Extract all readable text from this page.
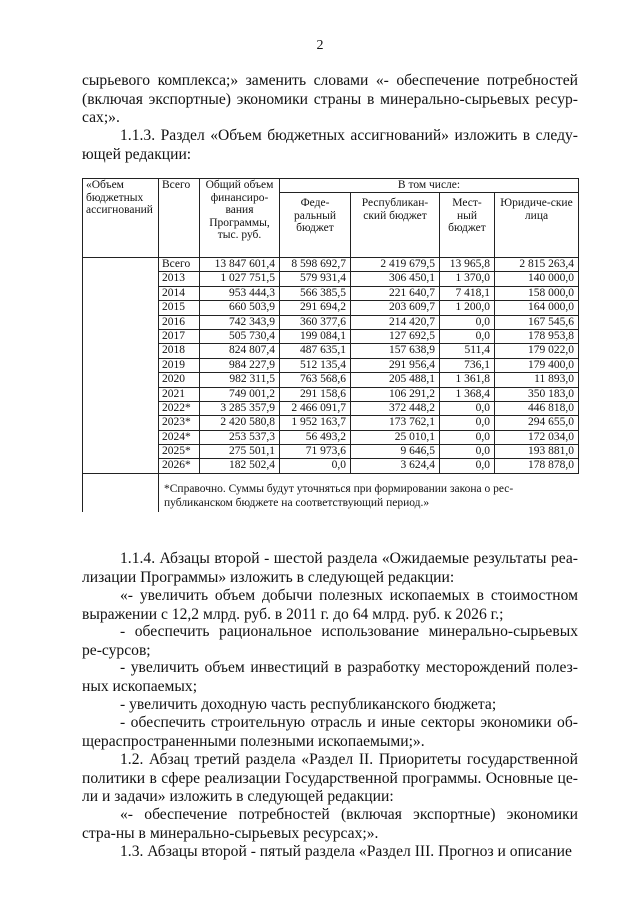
2

сырьевого комплекса;» заменить словами «- обеспечение потребностей (включая экспортные) экономики страны в минерально-сырьевых ресур-сах;».

1.1.3. Раздел «Объем бюджетных ассигнований» изложить в следу-ющей редакции:

«Объем бюджетных ассигнований	Всего	Общий объем финансиро-вания Программы, тыс. руб.	В том числе:			
			Феде-ральный бюджет	Республикан-ский бюджет	Мест-ный бюджет	Юридиче-ские лица
	Всего	13 847 601,4	8 598 692,7	2 419 679,5	13 965,8	2 815 263,4
	2013	1 027 751,5	579 931,4	306 450,1	1 370,0	140 000,0
	2014	953 444,3	566 385,5	221 640,7	7 418,1	158 000,0
	2015	660 503,9	291 694,2	203 609,7	1 200,0	164 000,0
	2016	742 343,9	360 377,6	214 420,7	0,0	167 545,6
	2017	505 730,4	199 084,1	127 692,5	0,0	178 953,8
	2018	824 807,4	487 635,1	157 638,9	511,4	179 022,0
	2019	984 227,9	512 135,4	291 956,4	736,1	179 400,0
	2020	982 311,5	763 568,6	205 488,1	1 361,8	11 893,0
	2021	749 001,2	291 158,6	106 291,2	1 368,4	350 183,0
	2022*	3 285 357,9	2 466 091,7	372 448,2	0,0	446 818,0
	2023*	2 420 580,8	1 952 163,7	173 762,1	0,0	294 655,0
	2024*	253 537,3	56 493,2	25 010,1	0,0	172 034,0
	2025*	275 501,1	71 973,6	9 646,5	0,0	193 881,0
	2026*	182 502,4	0,0	3 624,4	0,0	178 878,0

	*Справочно. Суммы будут уточняться при формировании закона о рес-публиканском бюджете на соответствующий период.»					

1.1.4. Абзацы второй - шестой раздела «Ожидаемые результаты реа-лизации Программы» изложить в следующей редакции:

«- увеличить объем добычи полезных ископаемых в стоимостном выражении с 12,2 млрд. руб. в 2011 г. до 64 млрд. руб. к 2026 г.;

- обеспечить рациональное использование минерально-сырьевых ре-сурсов;

- увеличить объем инвестиций в разработку месторождений полез-ных ископаемых;

- увеличить доходную часть республиканского бюджета;

- обеспечить строительную отрасль и иные секторы экономики об-щераспространенными полезными ископаемыми;».

1.2. Абзац третий раздела «Раздел II. Приоритеты государственной политики в сфере реализации Государственной программы. Основные це-ли и задачи» изложить в следующей редакции:

«- обеспечение потребностей (включая экспортные) экономики стра-ны в минерально-сырьевых ресурсах;».

1.3. Абзацы второй - пятый раздела «Раздел III. Прогноз и описание
